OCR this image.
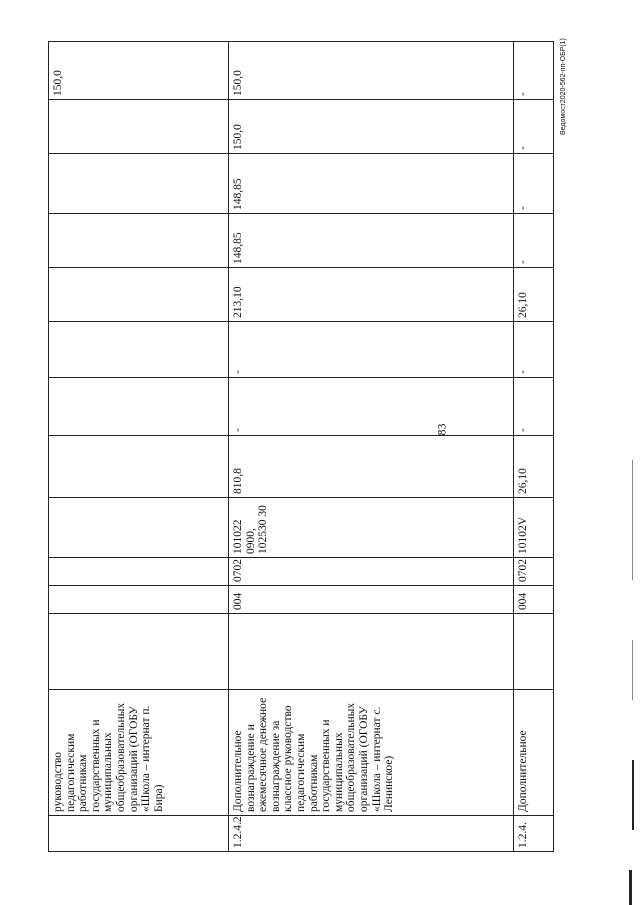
	руководство педагогическим работникам государственных и муниципальных общеобразовательных организаций (ОГОБУ «Школа – интернат п. Бира)												150,0
1.2.4.2	Дополнительное вознаграждение и ежемесячное денежное вознаграждение за классное руководство педагогическим работникам государственных и муниципальных общеобразовательных организаций (ОГОБУ «Школа – интернат с. Ленинское)		004	0702	101022 0900, 102530 30	810,8	-	-	213,10	148,85	148,85	150,0	150,0
1.2.4.	Дополнительное		004	0702	10102V	26,10	-	-	26,10	-	-	-	-
83
Ведомост2020-562-пп-ОБР(1)
